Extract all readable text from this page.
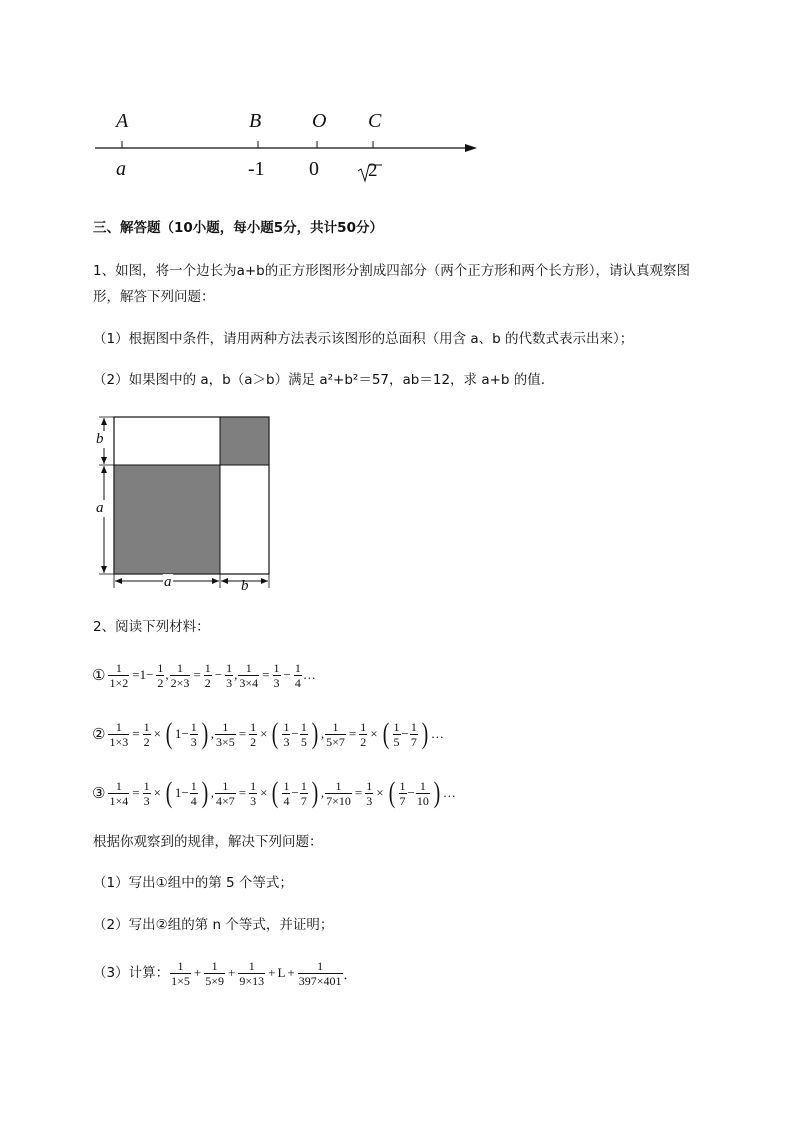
A	B	O C
a	-1 0	2
三、解答题（10小题，每小题5分，共计50分）
1、如图，将一个边长为a+b的正方形图形分割成四部分（两个正方形和两个长方形），请认真观察图
形，解答下列问题：
（1）根据图中条件，请用两种方法表示该图形的总面积（用含 a、b 的代数式表示出来）；
（2）如果图中的 a，b（a＞b）满足 a²+b²＝57，ab＝12，求 a+b 的值．
b
a
a	b
2、阅读下列材料：
① $\frac{1}{1\times 2} =1- \frac{1}{2}$ , $\frac{1}{2\times 3} = \frac{1}{2} - \frac{1}{3}$ , $\frac{1}{3\times 4} = \frac{1}{3} - \frac{1}{4}$ …
② $\frac{1}{1\times 3} = \frac{1}{2}$ × ( $1- \frac{1}{3}$ ) , $\frac{1}{3\times 5} = \frac{1}{2}$ × ( $\frac{1}{3} - \frac{1}{5}$ ) , $\frac{1}{5\times 7} = \frac{1}{2}$ × ( $\frac{1}{5} - \frac{1}{7}$ ) …
③ $\frac{1}{1\times 4} = \frac{1}{3}$ × ( $1- \frac{1}{4}$ ) , $\frac{1}{4\times 7} = \frac{1}{3}$ × ( $\frac{1}{4} - \frac{1}{7}$ ) , $\frac{1}{7\times 10} = \frac{1}{3}$ × ( $\frac{1}{7} - \frac{1}{10}$ ) …
根据你观察到的规律，解决下列问题：
（1）写出①组中的第 5 个等式；
（2）写出②组的第 n 个等式，并证明；
（3）计算： $\frac{1}{1\times 5} + \frac{1}{5\times 9} + \frac{1}{9\times 13} + L + \frac{1}{397\times 401}$ ．
